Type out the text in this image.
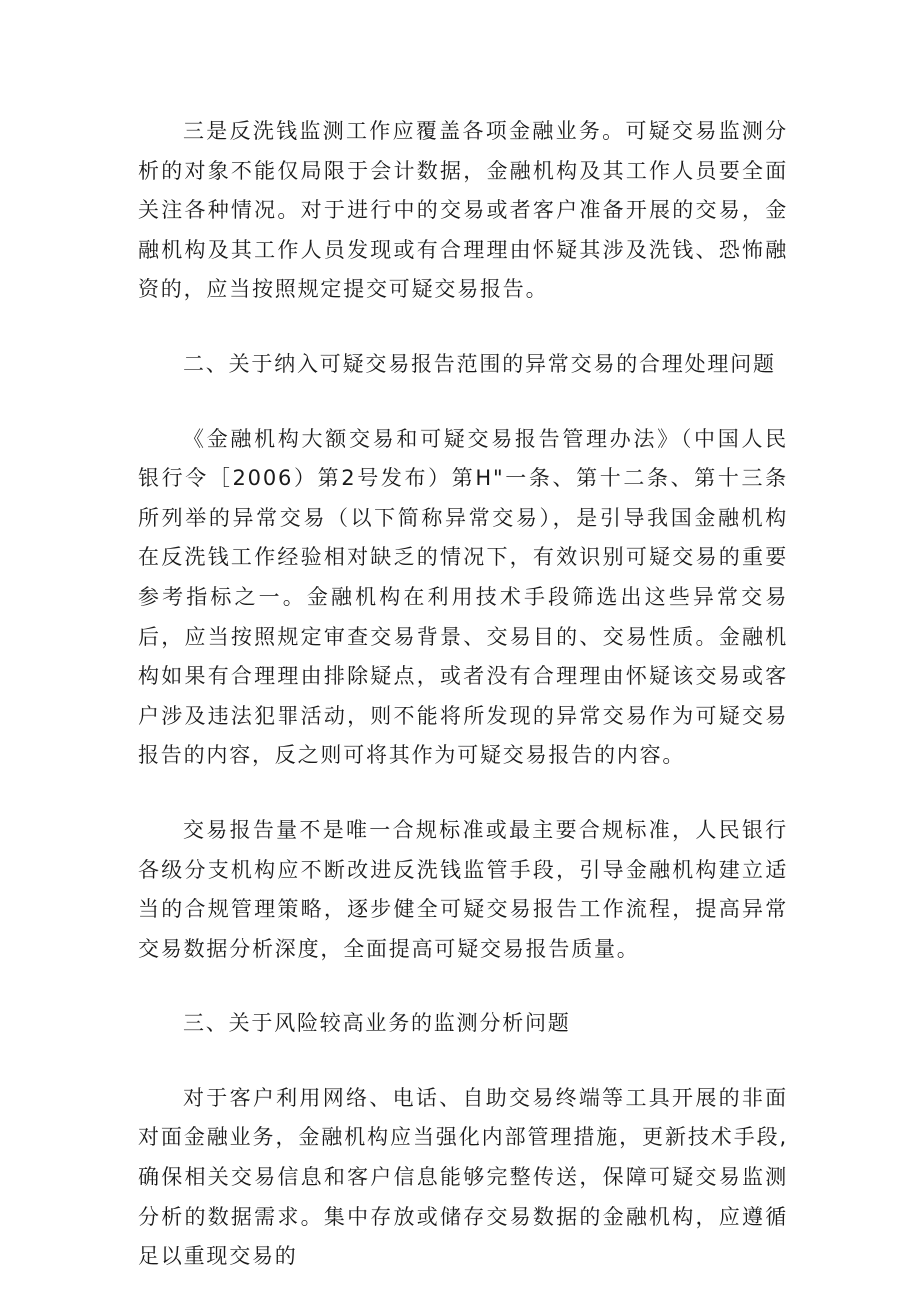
三是反洗钱监测工作应覆盖各项金融业务。可疑交易监测分析的对象不能仅局限于会计数据，金融机构及其工作人员要全面关注各种情况。对于进行中的交易或者客户准备开展的交易，金融机构及其工作人员发现或有合理理由怀疑其涉及洗钱、恐怖融资的，应当按照规定提交可疑交易报告。

二、关于纳入可疑交易报告范围的异常交易的合理处理问题

《金融机构大额交易和可疑交易报告管理办法》（中国人民银行令［2006）第2号发布）第H"一条、第十二条、第十三条所列举的异常交易（以下简称异常交易），是引导我国金融机构在反洗钱工作经验相对缺乏的情况下，有效识别可疑交易的重要参考指标之一。金融机构在利用技术手段筛选出这些异常交易后，应当按照规定审查交易背景、交易目的、交易性质。金融机构如果有合理理由排除疑点，或者没有合理理由怀疑该交易或客户涉及违法犯罪活动，则不能将所发现的异常交易作为可疑交易报告的内容，反之则可将其作为可疑交易报告的内容。

交易报告量不是唯一合规标准或最主要合规标准，人民银行各级分支机构应不断改进反洗钱监管手段，引导金融机构建立适当的合规管理策略，逐步健全可疑交易报告工作流程，提高异常交易数据分析深度，全面提高可疑交易报告质量。

三、关于风险较高业务的监测分析问题

对于客户利用网络、电话、自助交易终端等工具开展的非面对面金融业务，金融机构应当强化内部管理措施，更新技术手段,确保相关交易信息和客户信息能够完整传送，保障可疑交易监测分析的数据需求。集中存放或储存交易数据的金融机构，应遵循足以重现交易的
